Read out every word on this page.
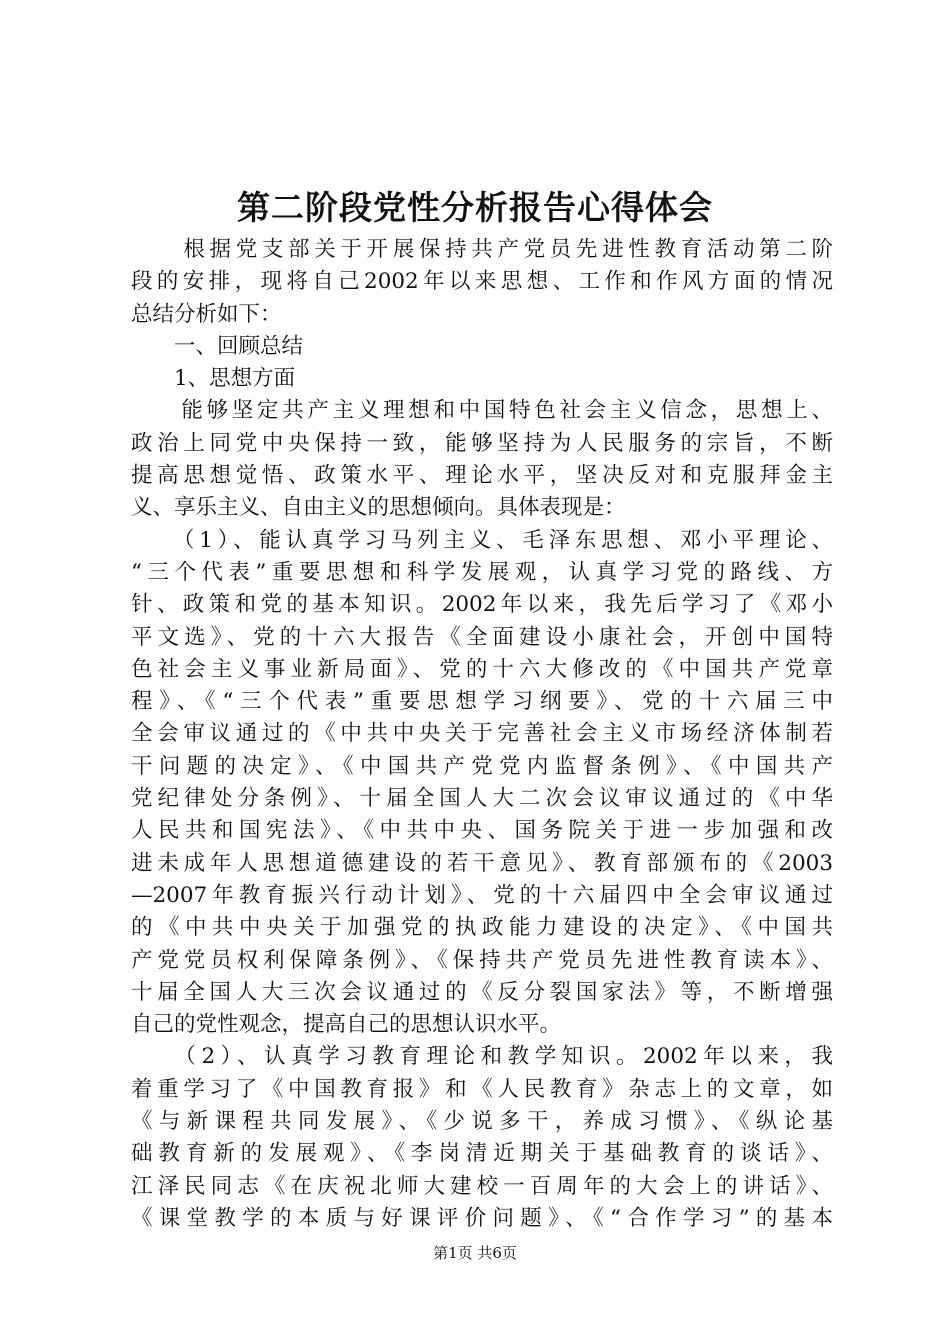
第二阶段党性分析报告心得体会
　　根据党支部关于开展保持共产党员先进性教育活动第二阶
段的安排，现将自己2002年以来思想、工作和作风方面的情况
总结分析如下：
　　一、回顾总结
　　1、思想方面
　　能够坚定共产主义理想和中国特色社会主义信念，思想上、
政治上同党中央保持一致，能够坚持为人民服务的宗旨，不断
提高思想觉悟、政策水平、理论水平，坚决反对和克服拜金主
义、享乐主义、自由主义的思想倾向。具体表现是：
　　（1）、能认真学习马列主义、毛泽东思想、邓小平理论、
“三个代表”重要思想和科学发展观，认真学习党的路线、方
针、政策和党的基本知识。2002年以来，我先后学习了《邓小
平文选》、党的十六大报告《全面建设小康社会，开创中国特
色社会主义事业新局面》、党的十六大修改的《中国共产党章
程》、《“三个代表”重要思想学习纲要》、党的十六届三中
全会审议通过的《中共中央关于完善社会主义市场经济体制若
干问题的决定》、《中国共产党党内监督条例》、《中国共产
党纪律处分条例》、十届全国人大二次会议审议通过的《中华
人民共和国宪法》、《中共中央、国务院关于进一步加强和改
进未成年人思想道德建设的若干意见》、教育部颁布的《2003
—2007年教育振兴行动计划》、党的十六届四中全会审议通过
的《中共中央关于加强党的执政能力建设的决定》、《中国共
产党党员权利保障条例》、《保持共产党员先进性教育读本》、
十届全国人大三次会议通过的《反分裂国家法》等，不断增强
自己的党性观念，提高自己的思想认识水平。
　　（2）、认真学习教育理论和教学知识。2002年以来，我
着重学习了《中国教育报》和《人民教育》杂志上的文章，如
《与新课程共同发展》、《少说多干，养成习惯》、《纵论基
础教育新的发展观》、《李岗清近期关于基础教育的谈话》、
江泽民同志《在庆祝北师大建校一百周年的大会上的讲话》、
《课堂教学的本质与好课评价问题》、《“合作学习”的基本
第1页 共6页
